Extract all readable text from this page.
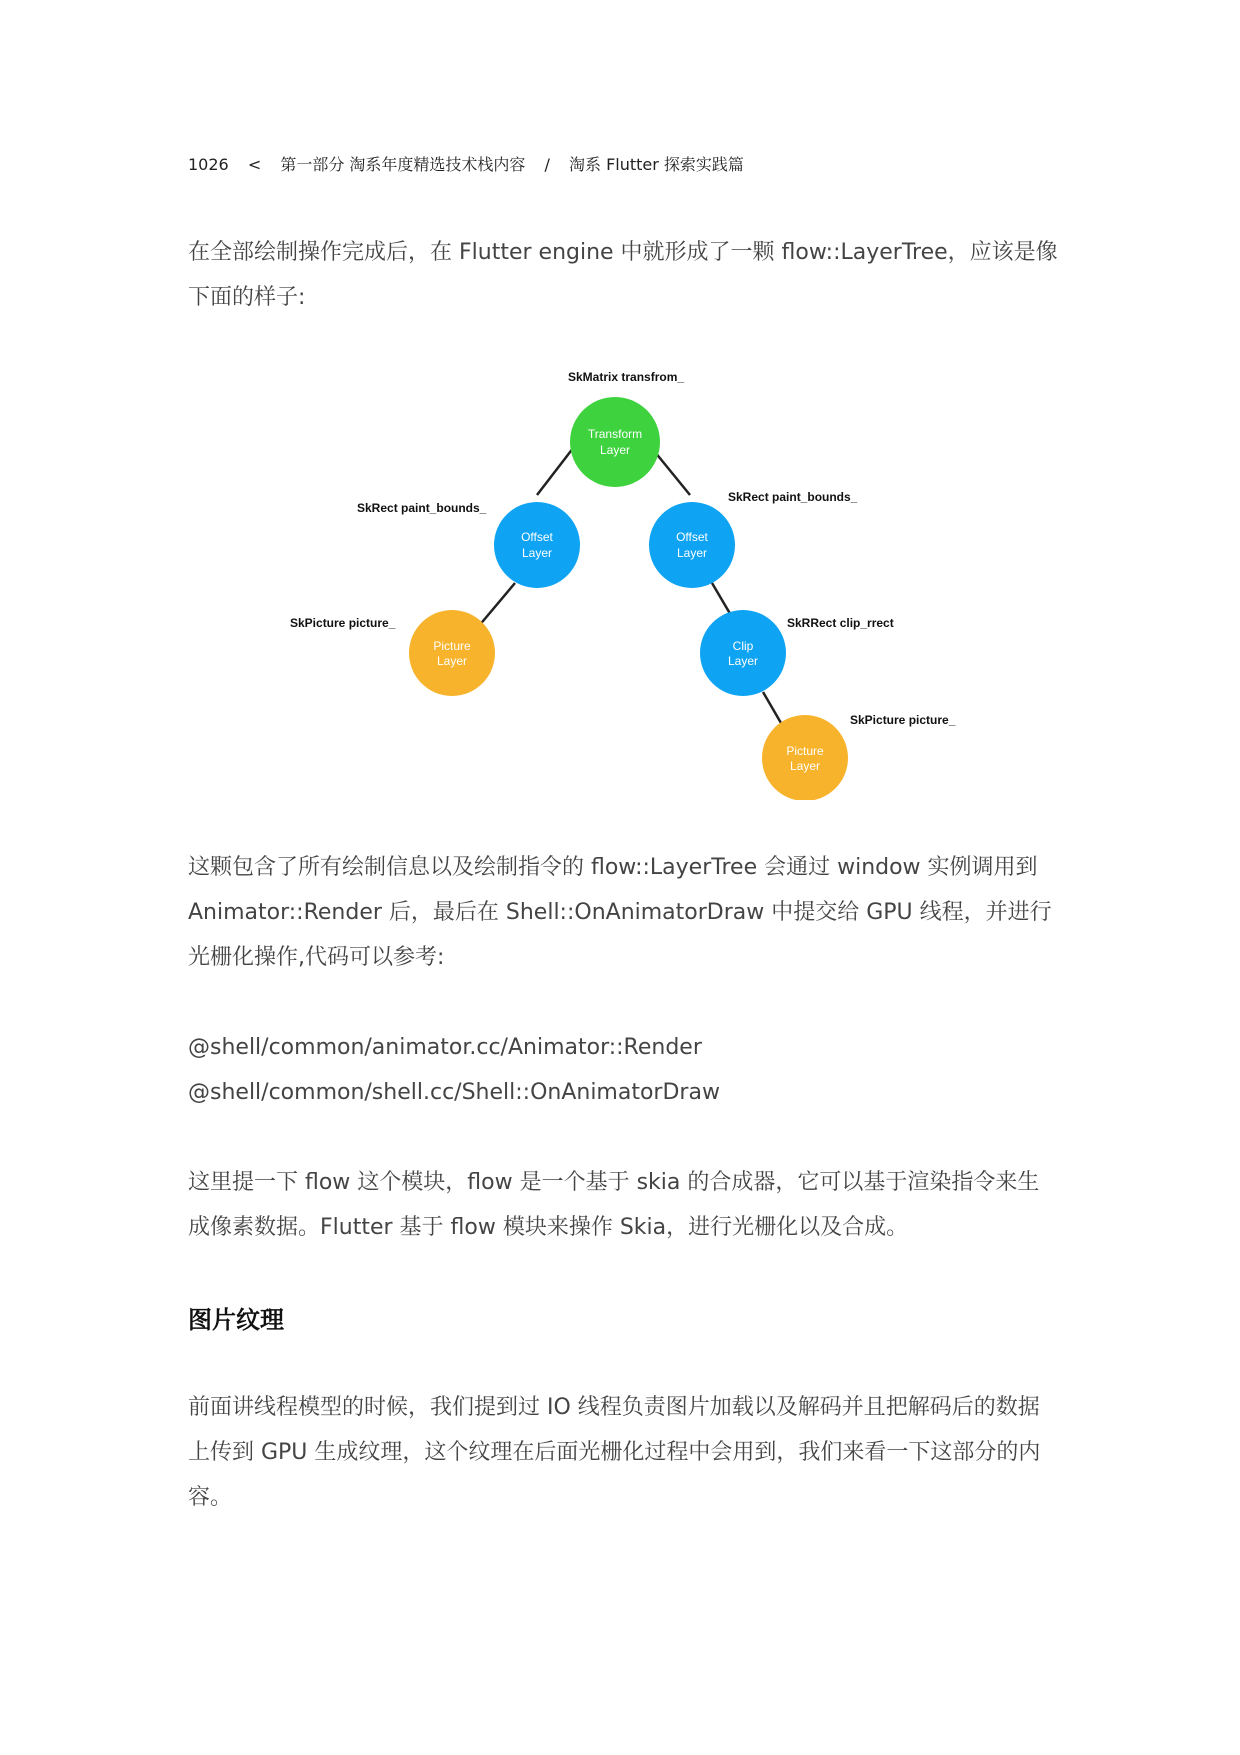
1026 < 第一部分 淘系年度精选技术栈内容 / 淘系 Flutter 探索实践篇

在全部绘制操作完成后，在 Flutter engine 中就形成了一颗 flow::LayerTree，应该是像下面的样子:

SkMatrix transfrom_
SkRect paint_bounds_
SkRect paint_bounds_
SkPicture picture_	SkRRect clip_rrect
SkPicture picture_
Transform
Layer
Offset
Layer
Offset
Layer
Picture
Layer
Clip
Layer
Picture
Layer

这颗包含了所有绘制信息以及绘制指令的 flow::LayerTree 会通过 window 实例调用到 Animator::Render 后，最后在 Shell::OnAnimatorDraw 中提交给 GPU 线程，并进行光栅化操作,代码可以参考:

@shell/common/animator.cc/Animator::Render

@shell/common/shell.cc/Shell::OnAnimatorDraw

这里提一下 flow 这个模块，flow 是一个基于 skia 的合成器，它可以基于渲染指令来生成像素数据。Flutter 基于 flow 模块来操作 Skia，进行光栅化以及合成。

图片纹理

前面讲线程模型的时候，我们提到过 IO 线程负责图片加载以及解码并且把解码后的数据上传到 GPU 生成纹理，这个纹理在后面光栅化过程中会用到，我们来看一下这部分的内容。
